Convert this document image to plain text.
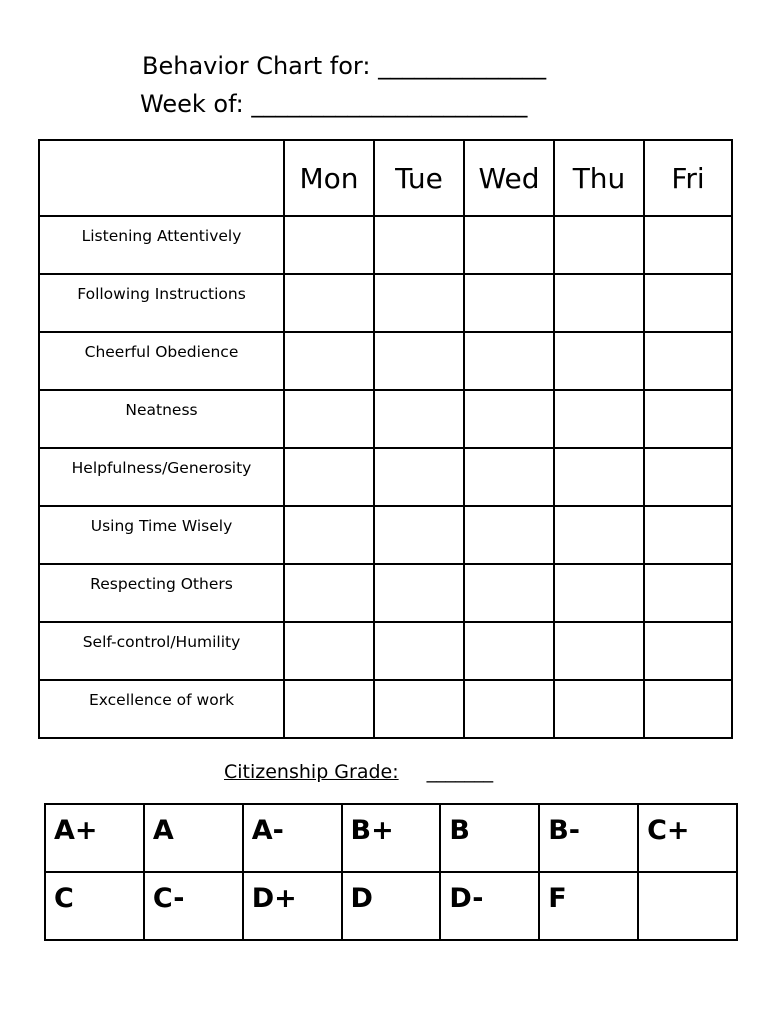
Behavior Chart for: ______________
Week of: _______________________
	Mon	Tue	Wed	Thu	Fri
Listening Attentively					
Following Instructions					
Cheerful Obedience					
Neatness					
Helpfulness/Generosity					
Using Time Wisely					
Respecting Others					
Self-control/Humility					
Excellence of work					
Citizenship Grade: _______
A+	A	A-	B+	B	B-	C+
C	C-	D+	D	D-	F	
